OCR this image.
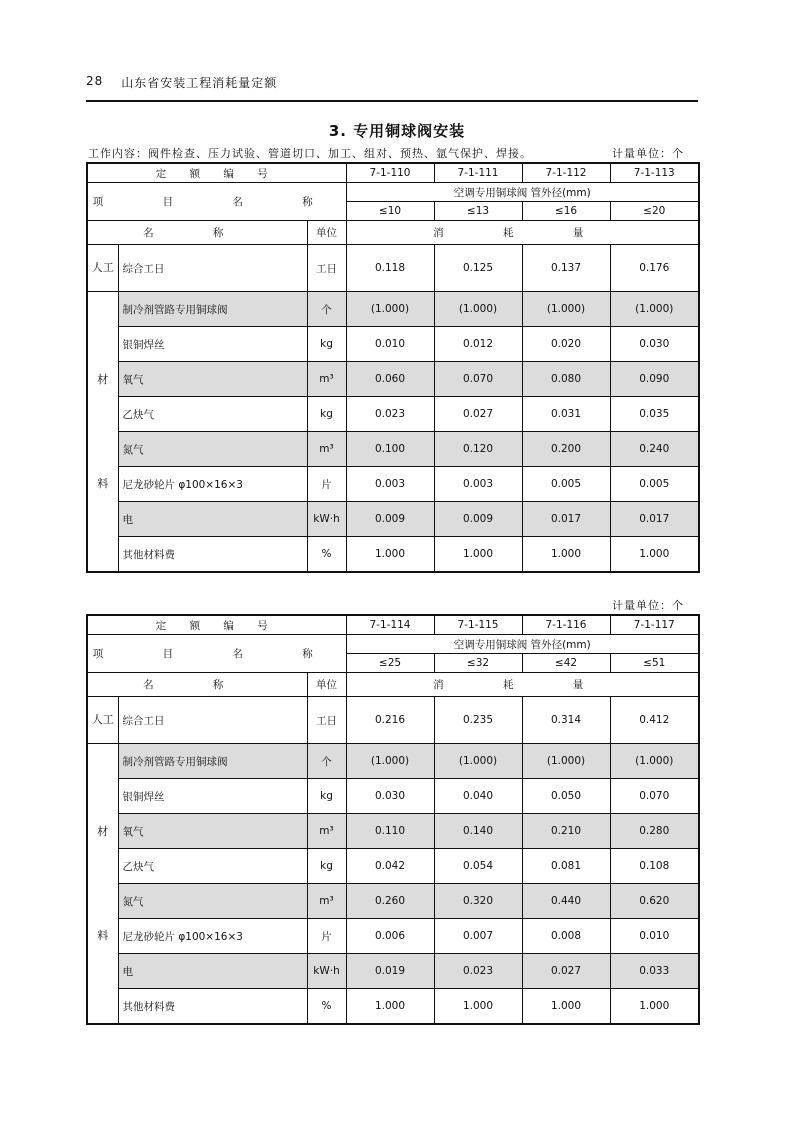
28 山东省安装工程消耗量定额
3. 专用铜球阀安装
工作内容：阀件检查、压力试验、管道切口、加工、组对、预热、氩气保护、焊接。	计量单位：个
定 额 编 号			7-1-110	7-1-111	7-1-112	7-1-113
项 目 名 称			空调专用铜球阀 管外径(mm)			
			≤10	≤13	≤16	≤20
名 称		单位	消 耗 量			
人工	综合工日	工日	0.118	0.125	0.137	0.176

材
料	制冷剂管路专用铜球阀	个	(1.000)	(1.000)	(1.000)	(1.000)
	银铜焊丝	kg	0.010	0.012	0.020	0.030
	氧气	m³	0.060	0.070	0.080	0.090
	乙炔气	kg	0.023	0.027	0.031	0.035
	氮气	m³	0.100	0.120	0.200	0.240
	尼龙砂轮片 φ100×16×3	片	0.003	0.003	0.005	0.005
	电	kW·h	0.009	0.009	0.017	0.017
	其他材料费	%	1.000	1.000	1.000	1.000
计量单位：个
定 额 编 号			7-1-114	7-1-115	7-1-116	7-1-117
项 目 名 称			空调专用铜球阀 管外径(mm)			
			≤25	≤32	≤42	≤51
名 称		单位	消 耗 量			
人工	综合工日	工日	0.216	0.235	0.314	0.412

材
料	制冷剂管路专用铜球阀	个	(1.000)	(1.000)	(1.000)	(1.000)
	银铜焊丝	kg	0.030	0.040	0.050	0.070
	氧气	m³	0.110	0.140	0.210	0.280
	乙炔气	kg	0.042	0.054	0.081	0.108
	氮气	m³	0.260	0.320	0.440	0.620
	尼龙砂轮片 φ100×16×3	片	0.006	0.007	0.008	0.010
	电	kW·h	0.019	0.023	0.027	0.033
	其他材料费	%	1.000	1.000	1.000	1.000
